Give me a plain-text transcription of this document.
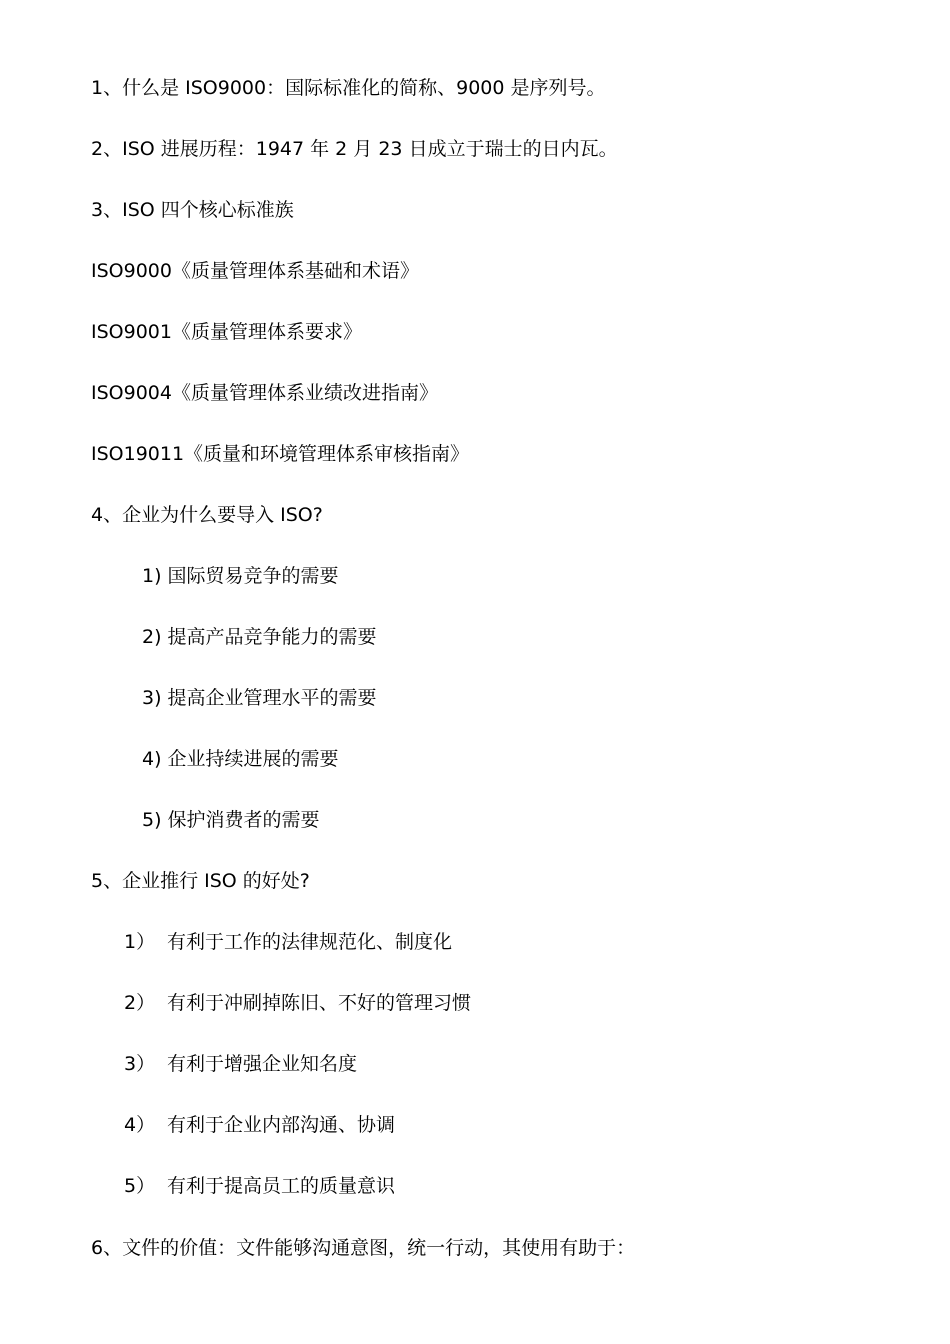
1、什么是 ISO9000：国际标准化的简称、9000 是序列号。
2、ISO 进展历程：1947 年 2 月 23 日成立于瑞士的日内瓦。
3、ISO 四个核心标准族
ISO9000《质量管理体系基础和术语》
ISO9001《质量管理体系要求》
ISO9004《质量管理体系业绩改进指南》
ISO19011《质量和环境管理体系审核指南》
4、企业为什么要导入 ISO?
1) 国际贸易竞争的需要
2) 提高产品竞争能力的需要
3) 提高企业管理水平的需要
4) 企业持续进展的需要
5) 保护消费者的需要
5、企业推行 ISO 的好处?
1） 有利于工作的法律规范化、制度化
2） 有利于冲刷掉陈旧、不好的管理习惯
3） 有利于增强企业知名度
4） 有利于企业内部沟通、协调
5） 有利于提高员工的质量意识
6、文件的价值：文件能够沟通意图，统一行动，其使用有助于：
